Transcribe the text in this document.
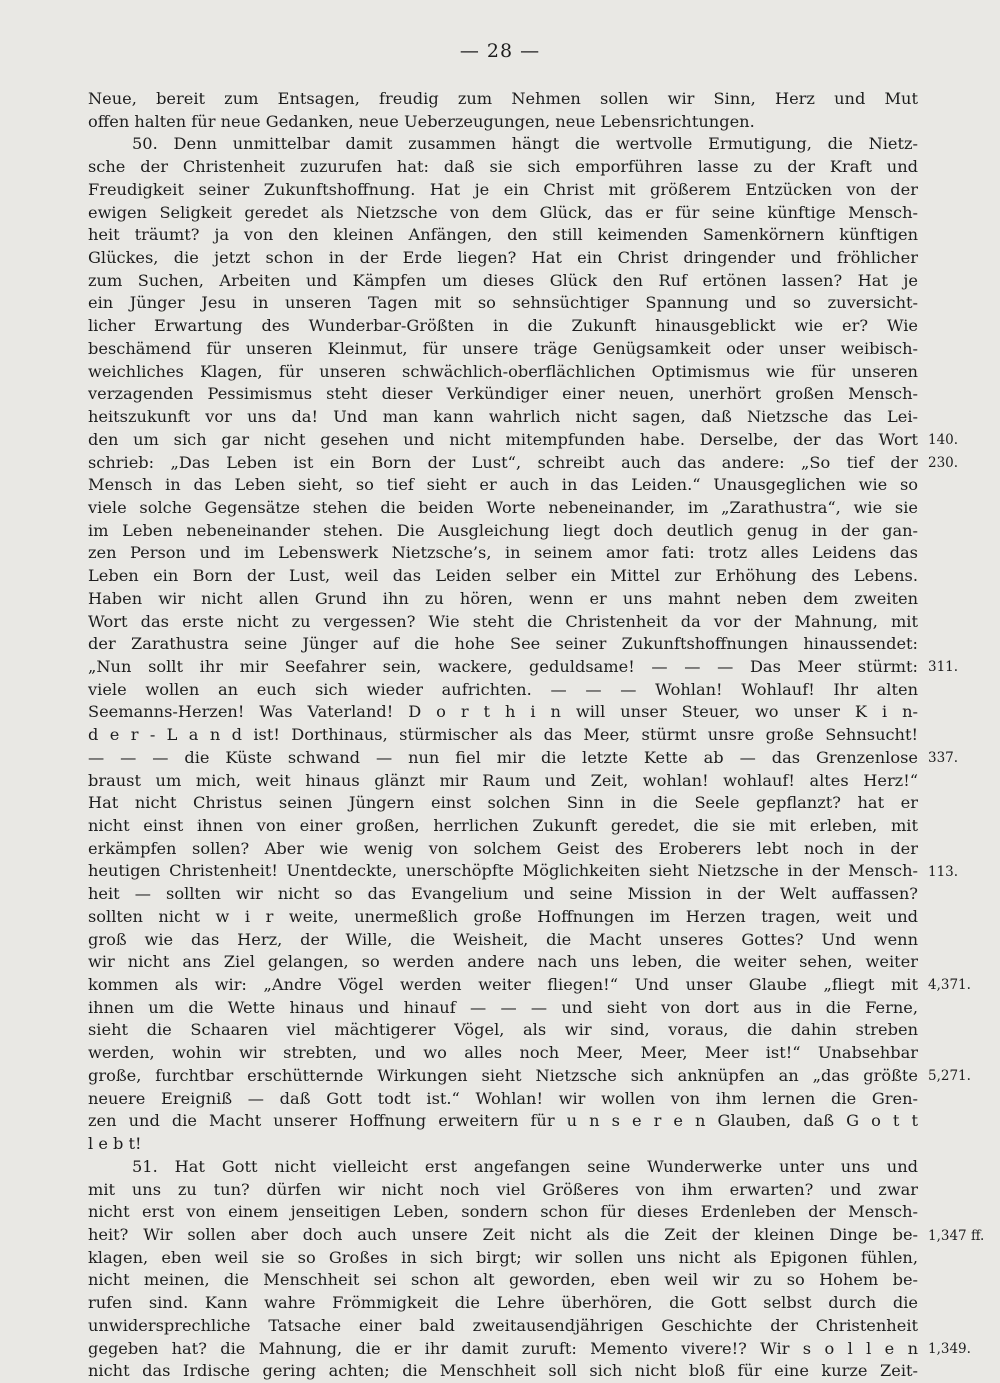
— 28 —
Neue, bereit zum Entsagen, freudig zum Nehmen sollen wir Sinn, Herz und Mut
offen halten für neue Gedanken, neue Ueberzeugungen, neue Lebensrichtungen.
50. Denn unmittelbar damit zusammen hängt die wertvolle Ermutigung, die Nietz-
sche der Christenheit zuzurufen hat: daß sie sich emporführen lasse zu der Kraft und
Freudigkeit seiner Zukunftshoffnung. Hat je ein Christ mit größerem Entzücken von der
ewigen Seligkeit geredet als Nietzsche von dem Glück, das er für seine künftige Mensch-
heit träumt? ja von den kleinen Anfängen, den still keimenden Samenkörnern künftigen
Glückes, die jetzt schon in der Erde liegen? Hat ein Christ dringender und fröhlicher
zum Suchen, Arbeiten und Kämpfen um dieses Glück den Ruf ertönen lassen? Hat je
ein Jünger Jesu in unseren Tagen mit so sehnsüchtiger Spannung und so zuversicht-
licher Erwartung des Wunderbar-Größten in die Zukunft hinausgeblickt wie er? Wie
beschämend für unseren Kleinmut, für unsere träge Genügsamkeit oder unser weibisch-
weichliches Klagen, für unseren schwächlich-oberflächlichen Optimismus wie für unseren
verzagenden Pessimismus steht dieser Verkündiger einer neuen, unerhört großen Mensch-
heitszukunft vor uns da! Und man kann wahrlich nicht sagen, daß Nietzsche das Lei-
den um sich gar nicht gesehen und nicht mitempfunden habe. Derselbe, der das Wort
schrieb: „Das Leben ist ein Born der Lust“, schreibt auch das andere: „So tief der
Mensch in das Leben sieht, so tief sieht er auch in das Leiden.“ Unausgeglichen wie so
viele solche Gegensätze stehen die beiden Worte nebeneinander, im „Zarathustra“, wie sie
im Leben nebeneinander stehen. Die Ausgleichung liegt doch deutlich genug in der gan-
zen Person und im Lebenswerk Nietzsche’s, in seinem amor fati: trotz alles Leidens das
Leben ein Born der Lust, weil das Leiden selber ein Mittel zur Erhöhung des Lebens.
Haben wir nicht allen Grund ihn zu hören, wenn er uns mahnt neben dem zweiten
Wort das erste nicht zu vergessen? Wie steht die Christenheit da vor der Mahnung, mit
der Zarathustra seine Jünger auf die hohe See seiner Zukunftshoffnungen hinaussendet:
„Nun sollt ihr mir Seefahrer sein, wackere, geduldsame! — — — Das Meer stürmt:
viele wollen an euch sich wieder aufrichten. — — — Wohlan! Wohlauf! Ihr alten
Seemanns-Herzen! Was Vaterland! D o r t h i n will unser Steuer, wo unser K i n-
d e r - L a n d ist! Dorthinaus, stürmischer als das Meer, stürmt unsre große Sehnsucht!
— — — die Küste schwand — nun fiel mir die letzte Kette ab — das Grenzenlose
braust um mich, weit hinaus glänzt mir Raum und Zeit, wohlan! wohlauf! altes Herz!“
Hat nicht Christus seinen Jüngern einst solchen Sinn in die Seele gepflanzt? hat er
nicht einst ihnen von einer großen, herrlichen Zukunft geredet, die sie mit erleben, mit
erkämpfen sollen? Aber wie wenig von solchem Geist des Eroberers lebt noch in der
heutigen Christenheit! Unentdeckte, unerschöpfte Möglichkeiten sieht Nietzsche in der Mensch-
heit — sollten wir nicht so das Evangelium und seine Mission in der Welt auffassen?
sollten nicht w i r weite, unermeßlich große Hoffnungen im Herzen tragen, weit und
groß wie das Herz, der Wille, die Weisheit, die Macht unseres Gottes? Und wenn
wir nicht ans Ziel gelangen, so werden andere nach uns leben, die weiter sehen, weiter
kommen als wir: „Andre Vögel werden weiter fliegen!“ Und unser Glaube „fliegt mit
ihnen um die Wette hinaus und hinauf — — — und sieht von dort aus in die Ferne,
sieht die Schaaren viel mächtigerer Vögel, als wir sind, voraus, die dahin streben
werden, wohin wir strebten, und wo alles noch Meer, Meer, Meer ist!“ Unabsehbar
große, furchtbar erschütternde Wirkungen sieht Nietzsche sich anknüpfen an „das größte
neuere Ereigniß — daß Gott todt ist.“ Wohlan! wir wollen von ihm lernen die Gren-
zen und die Macht unserer Hoffnung erweitern für u n s e r e n Glauben, daß G o t t
l e b t!
51. Hat Gott nicht vielleicht erst angefangen seine Wunderwerke unter uns und
mit uns zu tun? dürfen wir nicht noch viel Größeres von ihm erwarten? und zwar
nicht erst von einem jenseitigen Leben, sondern schon für dieses Erdenleben der Mensch-
heit? Wir sollen aber doch auch unsere Zeit nicht als die Zeit der kleinen Dinge be-
klagen, eben weil sie so Großes in sich birgt; wir sollen uns nicht als Epigonen fühlen,
nicht meinen, die Menschheit sei schon alt geworden, eben weil wir zu so Hohem be-
rufen sind. Kann wahre Frömmigkeit die Lehre überhören, die Gott selbst durch die
unwidersprechliche Tatsache einer bald zweitausendjährigen Geschichte der Christenheit
gegeben hat? die Mahnung, die er ihr damit zuruft: Memento vivere!? Wir s o l l e n
nicht das Irdische gering achten; die Menschheit soll sich nicht bloß für eine kurze Zeit-
140.
230.
311.
337.
113.
4,371.
5,271.
1,347 ff.
1,349.
